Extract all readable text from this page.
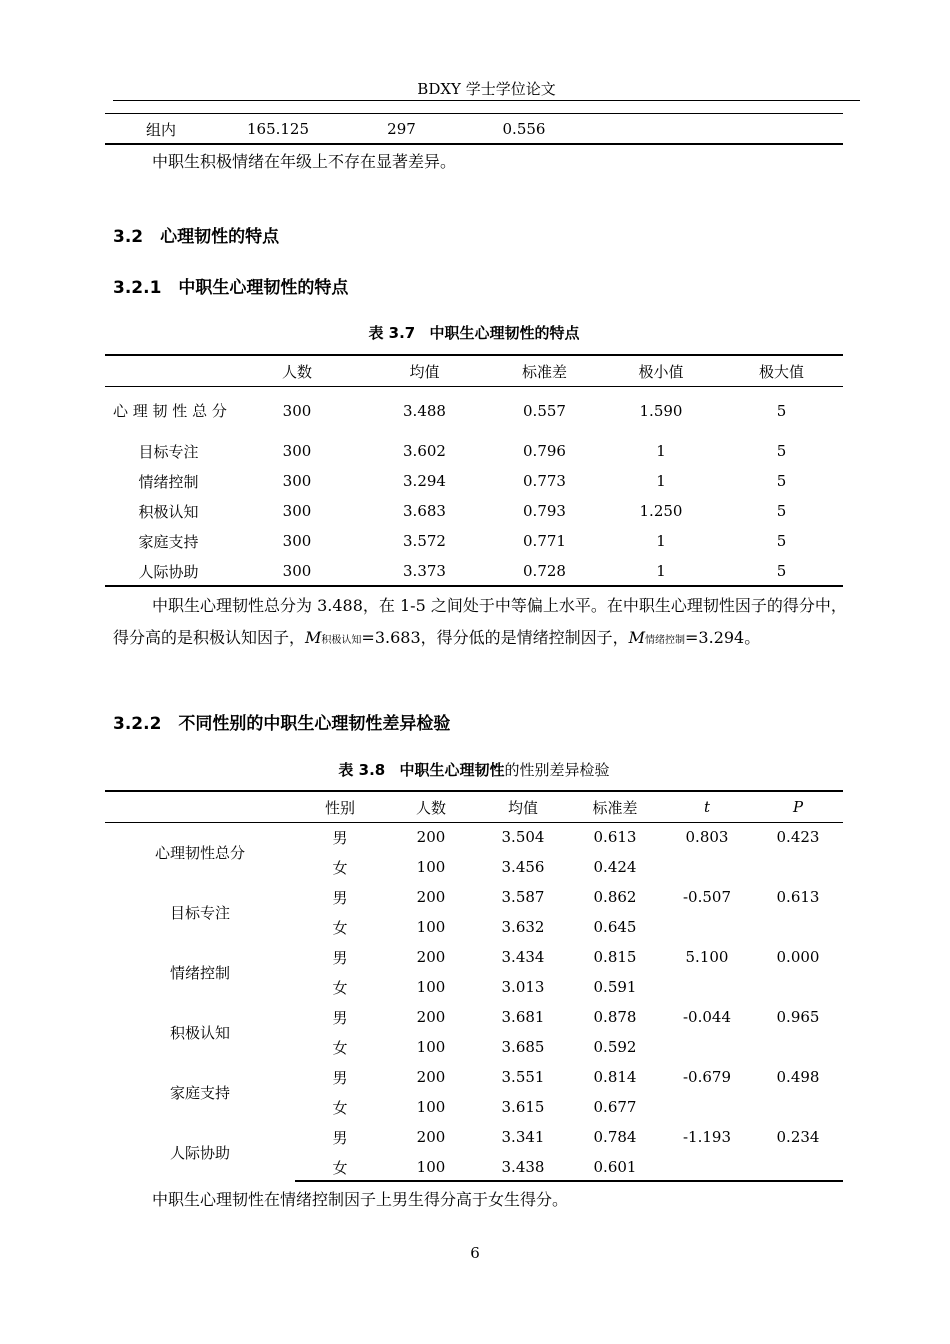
BDXY 学士学位论文
组内	165.125	297	0.556	
中职生积极情绪在年级上不存在显著差异。
3.2　心理韧性的特点
3.2.1　中职生心理韧性的特点
表 3.7 中职生心理韧性的特点
	人数	均值	标准差	极小值	极大值
心 理 韧 性 总 分	300	3.488	0.557	1.590	5
目标专注	300	3.602	0.796	1	5
情绪控制	300	3.294	0.773	1	5
积极认知	300	3.683	0.793	1.250	5
家庭支持	300	3.572	0.771	1	5
人际协助	300	3.373	0.728	1	5
中职生心理韧性总分为 3.488，在 1-5 之间处于中等偏上水平。在中职生心理韧性因子的得分中，得分高的是积极认知因子，M积极认知=3.683，得分低的是情绪控制因子，M情绪控制=3.294。
3.2.2　不同性别的中职生心理韧性差异检验
表 3.8 中职生心理韧性的性别差异检验
	性别	人数	均值	标准差	t	P
心理韧性总分	男	200	3.504	0.613	0.803	0.423
	女	100	3.456	0.424		
目标专注	男	200	3.587	0.862	-0.507	0.613
	女	100	3.632	0.645		
情绪控制	男	200	3.434	0.815	5.100	0.000
	女	100	3.013	0.591		
积极认知	男	200	3.681	0.878	-0.044	0.965
	女	100	3.685	0.592		
家庭支持	男	200	3.551	0.814	-0.679	0.498
	女	100	3.615	0.677		
人际协助	男	200	3.341	0.784	-1.193	0.234
	女	100	3.438	0.601		
中职生心理韧性在情绪控制因子上男生得分高于女生得分。
6
